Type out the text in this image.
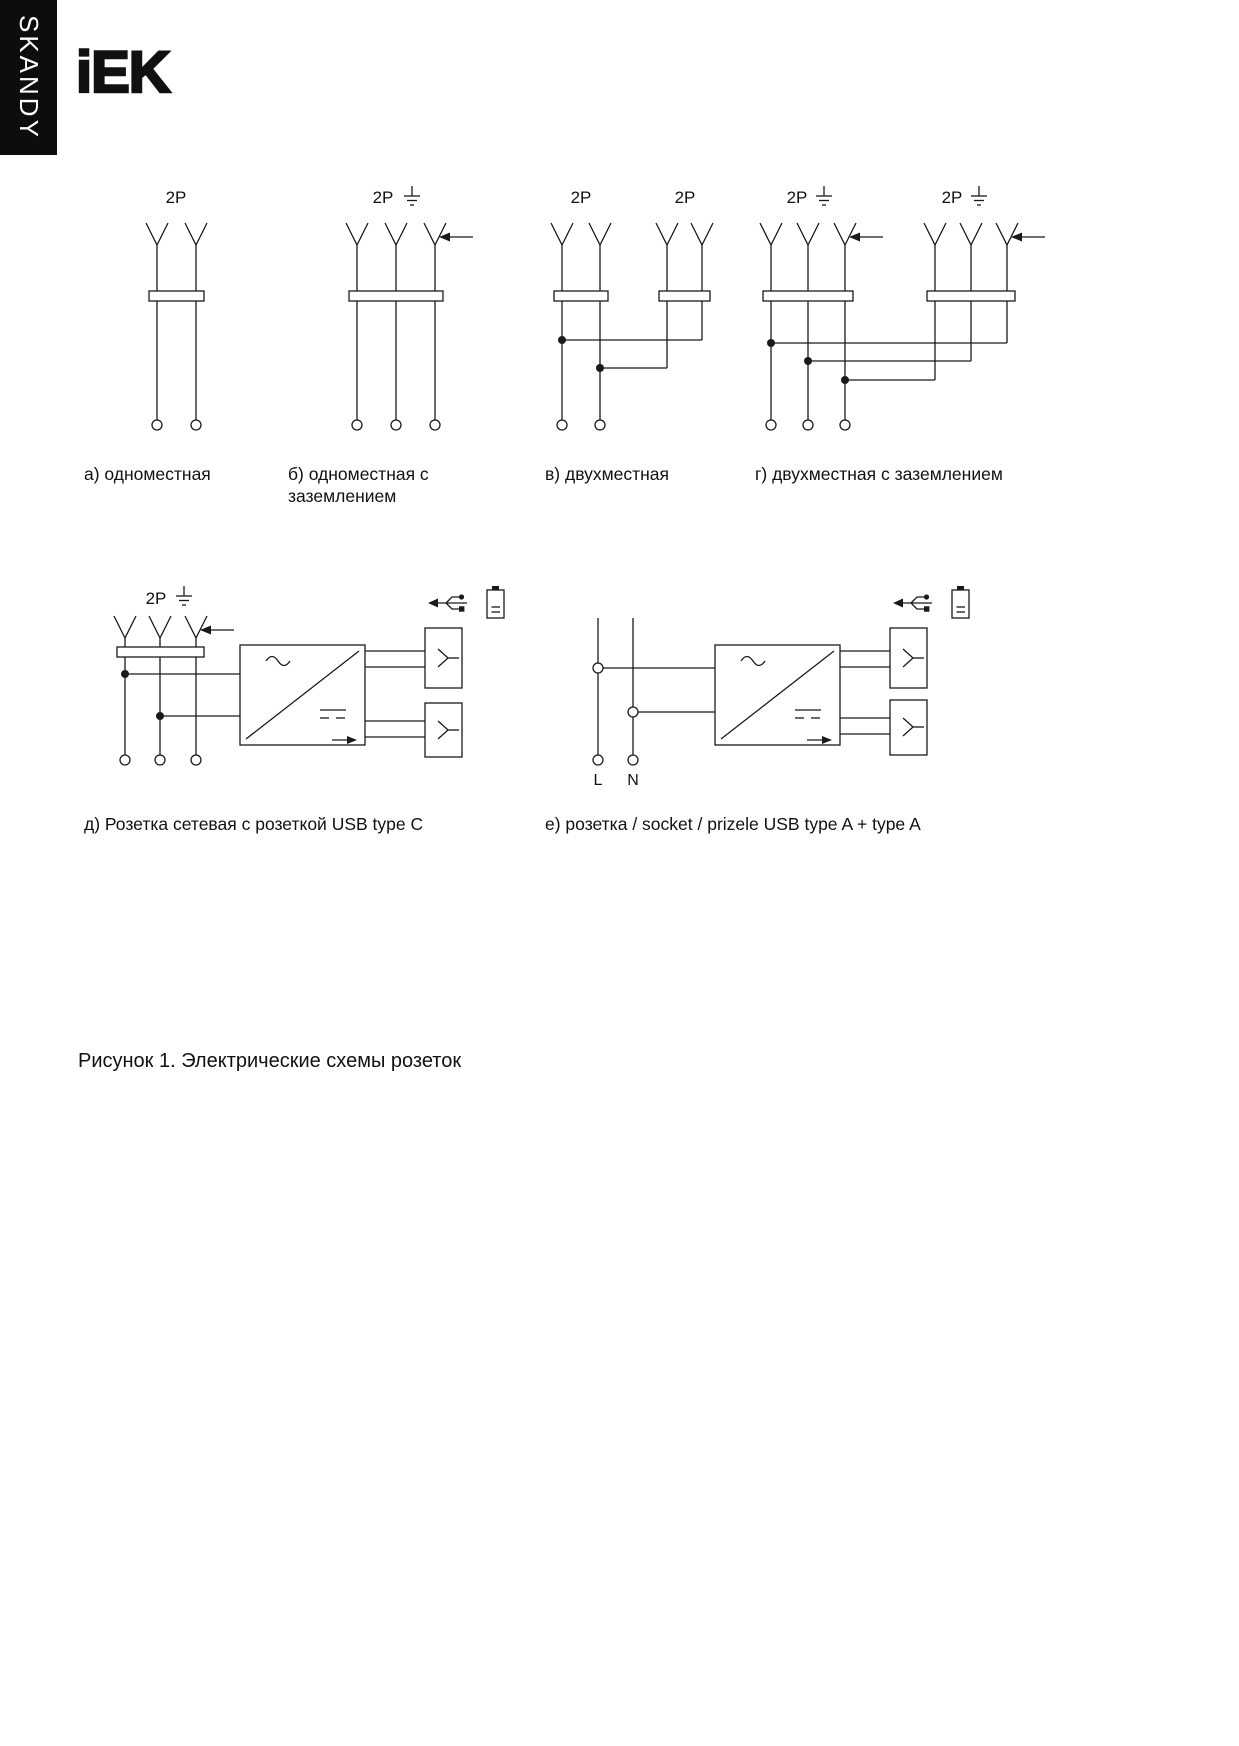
SKANDY iEK
2P
а) одноместная
2P
б) одноместная с
заземлением
2P	2P
в) двухместная
2P	2P
г) двухместная с заземлением
2P
д) Розетка сетевая с розеткой USB type C
L N
е) розетка / socket / prizele USB type A + type A
Рисунок 1. Электрические схемы розеток
